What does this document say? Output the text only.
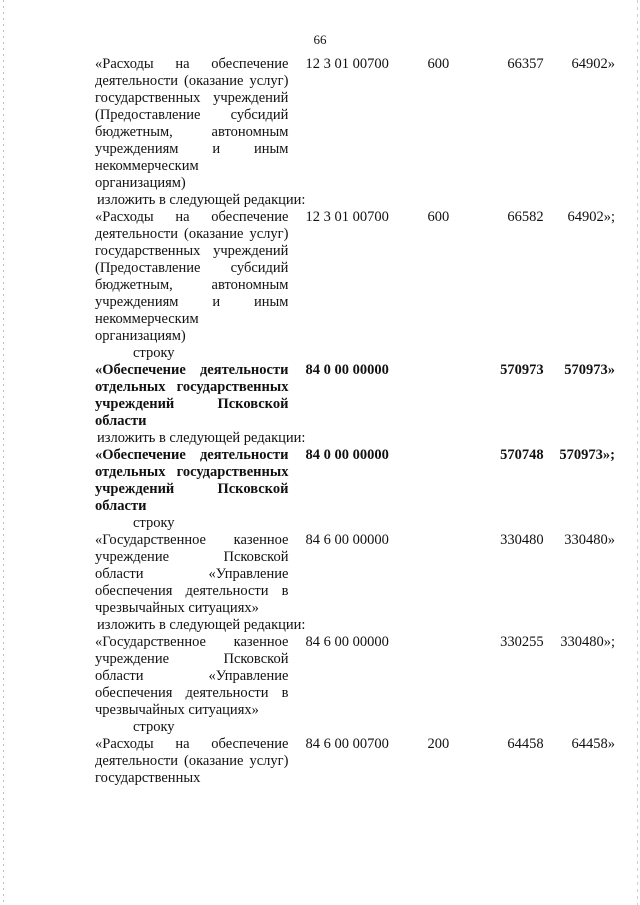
66
«Расходы на обеспечение деятельности (оказание услуг) государственных учреждений (Предоставление субсидий бюджетным, автономным учреждениям и иным некоммерческим организациям)
12 3 01 00700	600	66357	64902»
изложить в следующей редакции:
«Расходы на обеспечение деятельности (оказание услуг) государственных учреждений (Предоставление субсидий бюджетным, автономным учреждениям и иным некоммерческим организациям)
12 3 01 00700	600	66582	64902»;
строку
«Обеспечение деятельности отдельных государственных учреждений Псковской области
84 0 00 00000	570973	570973»
изложить в следующей редакции:
«Обеспечение деятельности отдельных государственных учреждений Псковской области
84 0 00 00000	570748	570973»;
строку
«Государственное казенное учреждение Псковской области «Управление обеспечения деятельности в чрезвычайных ситуациях»
84 6 00 00000	330480	330480»
изложить в следующей редакции:
«Государственное казенное учреждение Псковской области «Управление обеспечения деятельности в чрезвычайных ситуациях»
84 6 00 00000	330255	330480»;
строку
«Расходы на обеспечение деятельности (оказание услуг) государственных
84 6 00 00700	200	64458	64458»
